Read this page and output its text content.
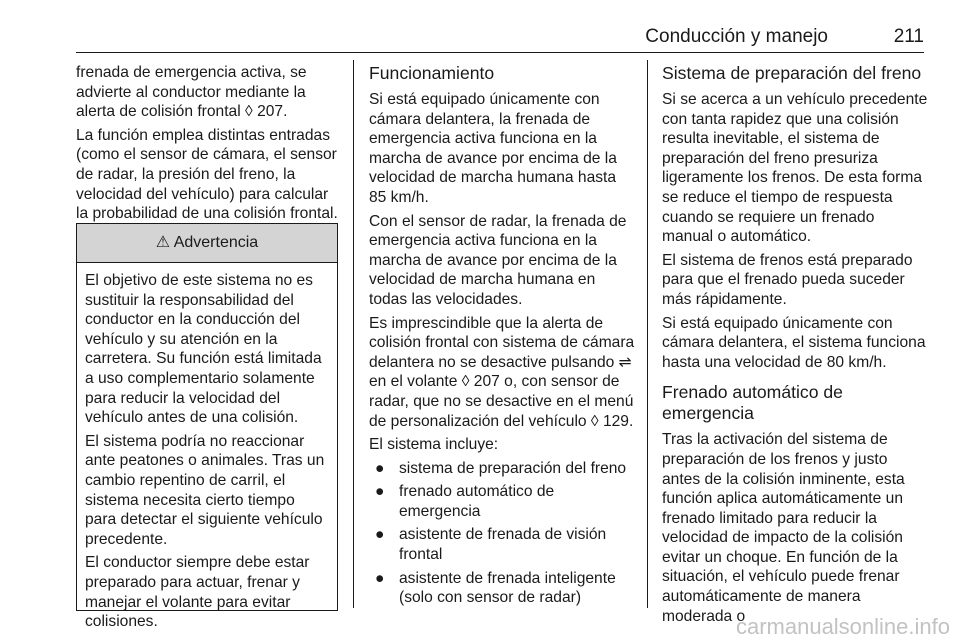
Conducción y manejo	211

frenada de emergencia activa, se advierte al conductor mediante la alerta de colisión frontal ◊ 207.

La función emplea distintas entradas (como el sensor de cámara, el sensor de radar, la presión del freno, la velocidad del vehículo) para calcular la probabilidad de una colisión frontal.

⚠ Advertencia

El objetivo de este sistema no es sustituir la responsabilidad del conductor en la conducción del vehículo y su atención en la carretera. Su función está limitada a uso complementario solamente para reducir la velocidad del vehículo antes de una colisión.

El sistema podría no reaccionar ante peatones o animales. Tras un cambio repentino de carril, el sistema necesita cierto tiempo para detectar el siguiente vehículo precedente.

El conductor siempre debe estar preparado para actuar, frenar y manejar el volante para evitar colisiones.

Funcionamiento

Si está equipado únicamente con cámara delantera, la frenada de emergencia activa funciona en la marcha de avance por encima de la velocidad de marcha humana hasta 85 km/h.

Con el sensor de radar, la frenada de emergencia activa funciona en la marcha de avance por encima de la velocidad de marcha humana en todas las velocidades.

Es imprescindible que la alerta de colisión frontal con sistema de cámara delantera no se desactive pulsando ⇌ en el volante ◊ 207 o, con sensor de radar, que no se desactive en el menú de personalización del vehículo ◊ 129.

El sistema incluye:

● sistema de preparación del freno
● frenado automático de emergencia
● asistente de frenada de visión frontal
● asistente de frenada inteligente (solo con sensor de radar)
Sistema de preparación del freno

Si se acerca a un vehículo precedente con tanta rapidez que una colisión resulta inevitable, el sistema de preparación del freno presuriza ligeramente los frenos. De esta forma se reduce el tiempo de respuesta cuando se requiere un frenado manual o automático.

El sistema de frenos está preparado para que el frenado pueda suceder más rápidamente.

Si está equipado únicamente con cámara delantera, el sistema funciona hasta una velocidad de 80 km/h.

Frenado automático de emergencia

Tras la activación del sistema de preparación de los frenos y justo antes de la colisión inminente, esta función aplica automáticamente un frenado limitado para reducir la velocidad de impacto de la colisión evitar un choque. En función de la situación, el vehículo puede frenar automáticamente de manera moderada o

carmanualsonline.info
